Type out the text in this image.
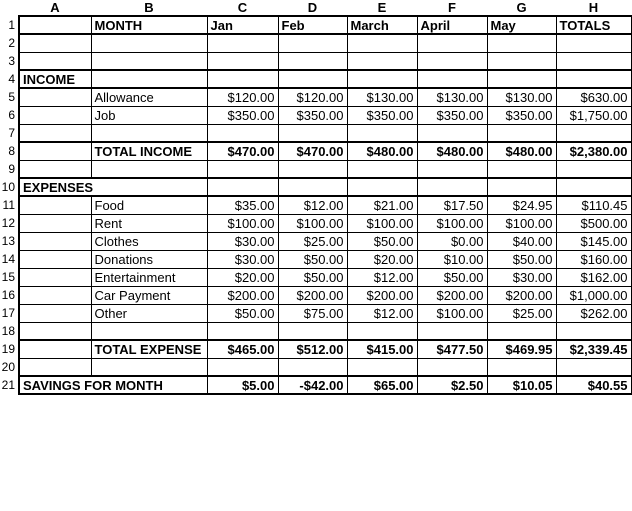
	A	B	C	D	E	F	G	H
1		MONTH	Jan	Feb	March	April	May	TOTALS
2								
3								
4	INCOME							
5		Allowance	$120.00	$120.00	$130.00	$130.00	$130.00	$630.00
6		Job	$350.00	$350.00	$350.00	$350.00	$350.00	$1,750.00
7								
8		TOTAL INCOME	$470.00	$470.00	$480.00	$480.00	$480.00	$2,380.00
9								
10	EXPENSES							
11		Food	$35.00	$12.00	$21.00	$17.50	$24.95	$110.45
12		Rent	$100.00	$100.00	$100.00	$100.00	$100.00	$500.00
13		Clothes	$30.00	$25.00	$50.00	$0.00	$40.00	$145.00
14		Donations	$30.00	$50.00	$20.00	$10.00	$50.00	$160.00
15		Entertainment	$20.00	$50.00	$12.00	$50.00	$30.00	$162.00
16		Car Payment	$200.00	$200.00	$200.00	$200.00	$200.00	$1,000.00
17		Other	$50.00	$75.00	$12.00	$100.00	$25.00	$262.00
18								
19		TOTAL EXPENSE	$465.00	$512.00	$415.00	$477.50	$469.95	$2,339.45
20								
21	SAVINGS FOR MONTH		$5.00	-$42.00	$65.00	$2.50	$10.05	$40.55
